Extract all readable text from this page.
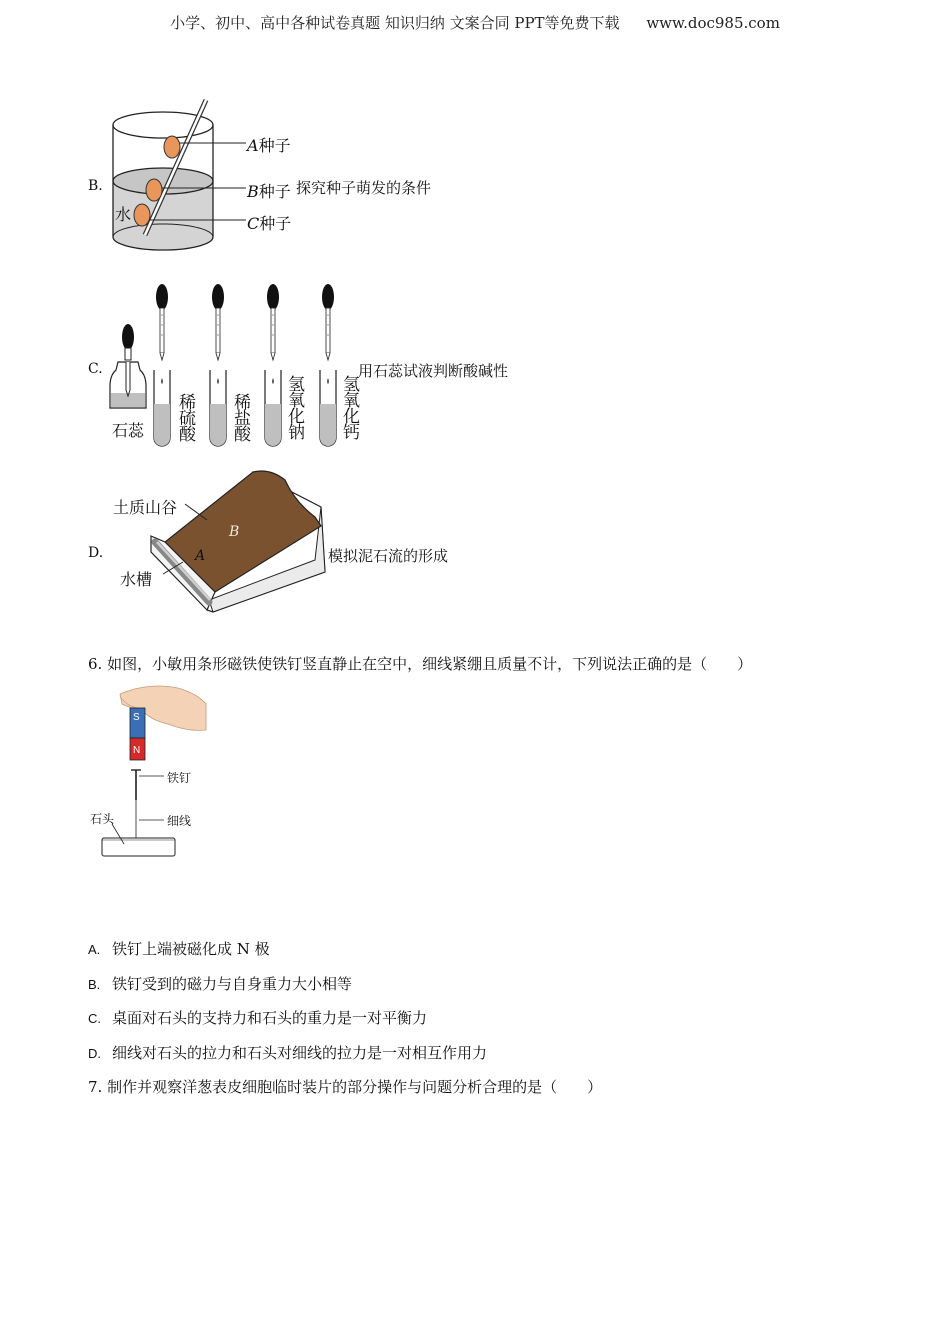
小学、初中、高中各种试卷真题 知识归纳 文案合同 PPT等免费下载 www.doc985.com
B.
A种子
B种子
C种子
水
探究种子萌发的条件
C.
石蕊 稀硫酸 稀盐酸 氢氧化钠 氢氧化钙
用石蕊试液判断酸碱性
D.
土质山谷
水槽
B
A	模拟泥石流的形成
6. 如图，小敏用条形磁铁使铁钉竖直静止在空中，细线紧绷且质量不计，下列说法正确的是（　　）
S
N
铁钉
细线
石头
A. 铁钉上端被磁化成 N 极
B. 铁钉受到的磁力与自身重力大小相等
C. 桌面对石头的支持力和石头的重力是一对平衡力
D. 细线对石头的拉力和石头对细线的拉力是一对相互作用力
7. 制作并观察洋葱表皮细胞临时装片的部分操作与问题分析合理的是（　　）
